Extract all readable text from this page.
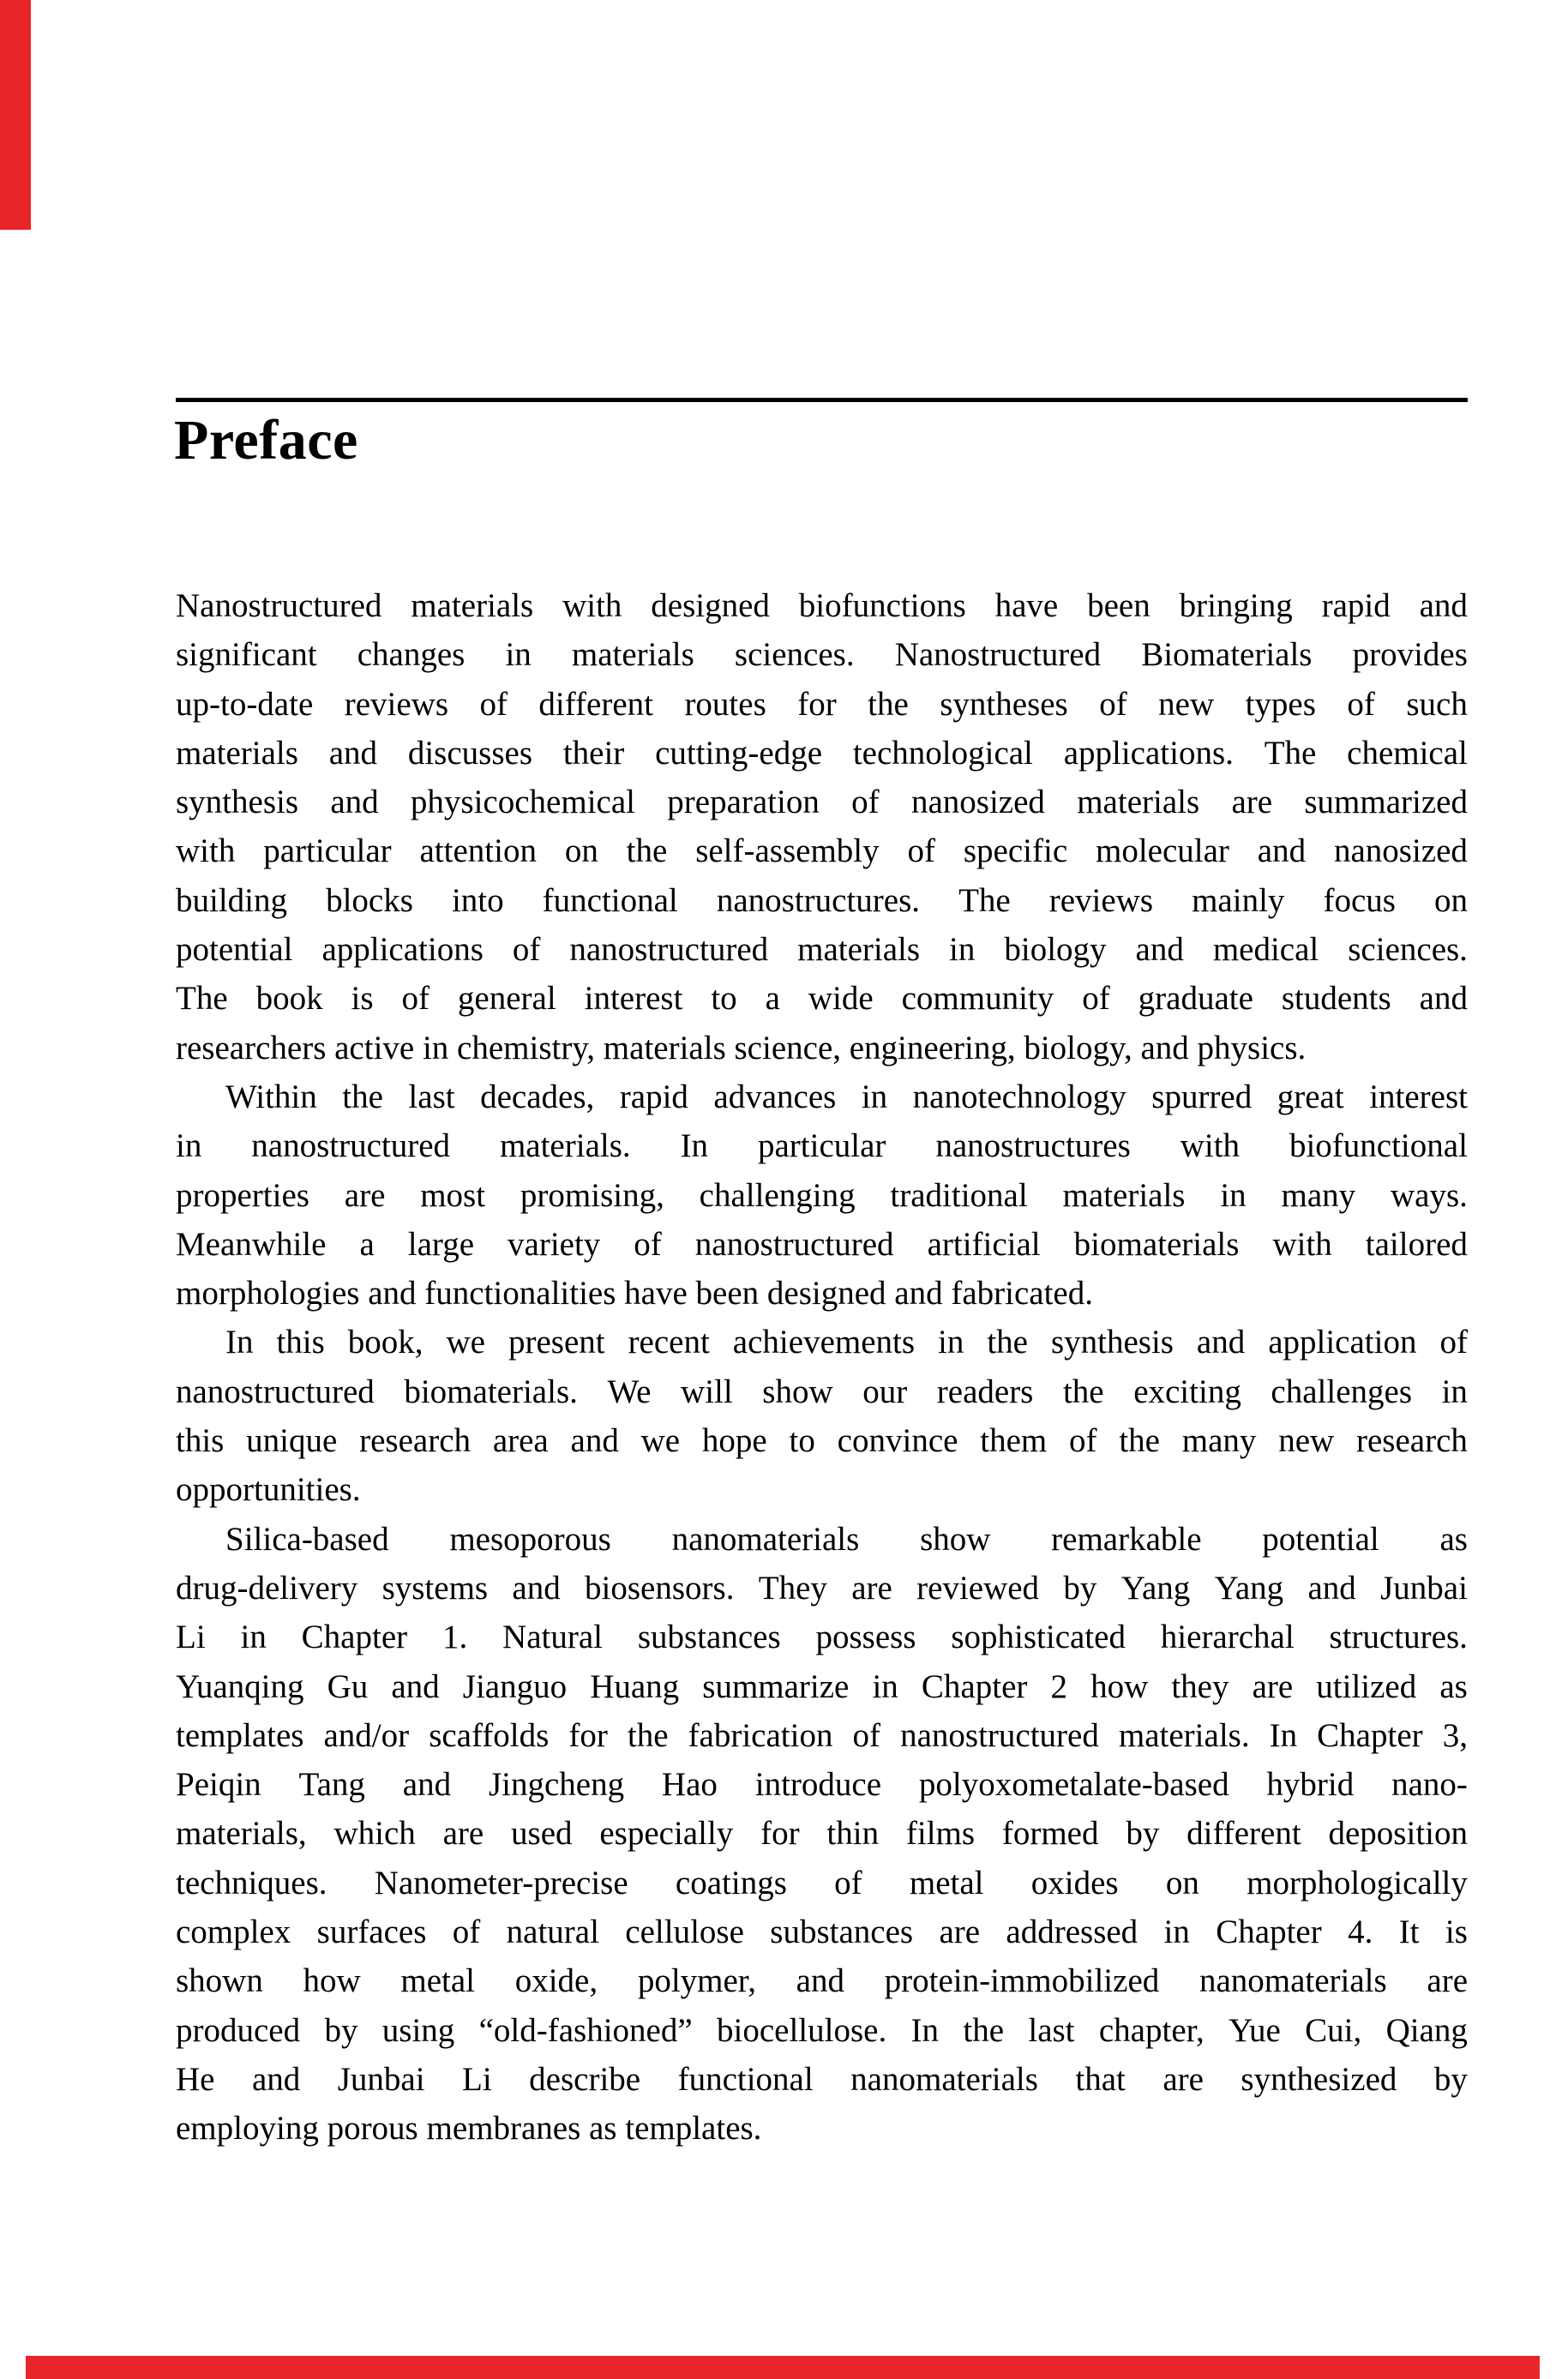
Preface
Nanostructured materials with designed biofunctions have been bringing rapid and
significant changes in materials sciences. Nanostructured Biomaterials provides
up-to-date reviews of different routes for the syntheses of new types of such
materials and discusses their cutting-edge technological applications. The chemical
synthesis and physicochemical preparation of nanosized materials are summarized
with particular attention on the self-assembly of specific molecular and nanosized
building blocks into functional nanostructures. The reviews mainly focus on
potential applications of nanostructured materials in biology and medical sciences.
The book is of general interest to a wide community of graduate students and
researchers active in chemistry, materials science, engineering, biology, and physics.
Within the last decades, rapid advances in nanotechnology spurred great interest
in nanostructured materials. In particular nanostructures with biofunctional
properties are most promising, challenging traditional materials in many ways.
Meanwhile a large variety of nanostructured artificial biomaterials with tailored
morphologies and functionalities have been designed and fabricated.
In this book, we present recent achievements in the synthesis and application of
nanostructured biomaterials. We will show our readers the exciting challenges in
this unique research area and we hope to convince them of the many new research
opportunities.
Silica-based mesoporous nanomaterials show remarkable potential as
drug-delivery systems and biosensors. They are reviewed by Yang Yang and Junbai
Li in Chapter 1. Natural substances possess sophisticated hierarchal structures.
Yuanqing Gu and Jianguo Huang summarize in Chapter 2 how they are utilized as
templates and/or scaffolds for the fabrication of nanostructured materials. In Chapter 3,
Peiqin Tang and Jingcheng Hao introduce polyoxometalate-based hybrid nano-
materials, which are used especially for thin films formed by different deposition
techniques. Nanometer-precise coatings of metal oxides on morphologically
complex surfaces of natural cellulose substances are addressed in Chapter 4. It is
shown how metal oxide, polymer, and protein-immobilized nanomaterials are
produced by using “old-fashioned” biocellulose. In the last chapter, Yue Cui, Qiang
He and Junbai Li describe functional nanomaterials that are synthesized by
employing porous membranes as templates.
